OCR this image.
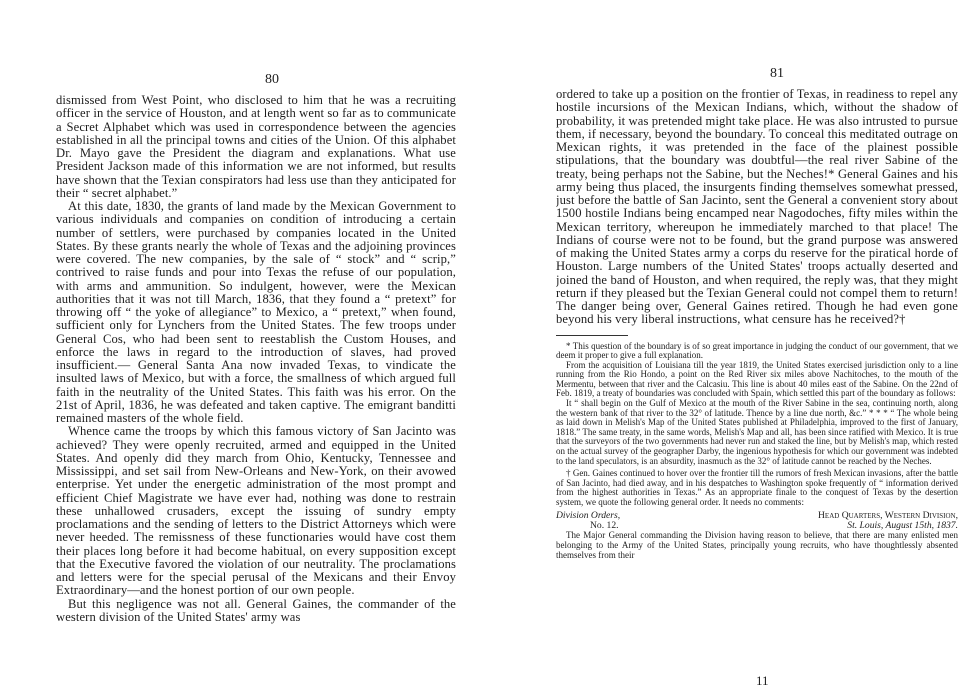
80

dismissed from West Point, who disclosed to him that he was a recruiting officer in the service of Houston, and at length went so far as to communicate a Secret Alphabet which was used in correspondence between the agencies established in all the principal towns and cities of the Union. Of this alphabet Dr. Mayo gave the President the diagram and explanations. What use President Jackson made of this information we are not informed, but results have shown that the Texian conspirators had less use than they anticipated for their “ secret alphabet.”

At this date, 1830, the grants of land made by the Mexican Government to various individuals and companies on condition of introducing a certain number of settlers, were purchased by companies located in the United States. By these grants nearly the whole of Texas and the adjoining provinces were covered. The new companies, by the sale of “ stock” and “ scrip,” contrived to raise funds and pour into Texas the refuse of our population, with arms and ammunition. So indulgent, however, were the Mexican authorities that it was not till March, 1836, that they found a “ pretext” for throwing off “ the yoke of allegiance” to Mexico, a “ pretext,” when found, sufficient only for Lynchers from the United States. The few troops under General Cos, who had been sent to reestablish the Custom Houses, and enforce the laws in regard to the introduction of slaves, had proved insufficient.— General Santa Ana now invaded Texas, to vindicate the insulted laws of Mexico, but with a force, the smallness of which argued full faith in the neutrality of the United States. This faith was his error. On the 21st of April, 1836, he was defeated and taken captive. The emigrant banditti remained masters of the whole field.

Whence came the troops by which this famous victory of San Jacinto was achieved? They were openly recruited, armed and equipped in the United States. And openly did they march from Ohio, Kentucky, Tennessee and Mississippi, and set sail from New-Orleans and New-York, on their avowed enterprise. Yet under the energetic administration of the most prompt and efficient Chief Magistrate we have ever had, nothing was done to restrain these unhallowed crusaders, except the issuing of sundry empty proclamations and the sending of letters to the District Attorneys which were never heeded. The remissness of these functionaries would have cost them their places long before it had become habitual, on every supposition except that the Executive favored the violation of our neutrality. The proclamations and letters were for the special perusal of the Mexicans and their Envoy Extraordinary—and the honest portion of our own people.

But this negligence was not all. General Gaines, the commander of the western division of the United States' army was

81

ordered to take up a position on the frontier of Texas, in readiness to repel any hostile incursions of the Mexican Indians, which, without the shadow of probability, it was pretended might take place. He was also intrusted to pursue them, if necessary, beyond the boundary. To conceal this meditated outrage on Mexican rights, it was pretended in the face of the plainest possible stipulations, that the boundary was doubtful—the real river Sabine of the treaty, being perhaps not the Sabine, but the Neches!* General Gaines and his army being thus placed, the insurgents finding themselves somewhat pressed, just before the battle of San Jacinto, sent the General a convenient story about 1500 hostile Indians being encamped near Nagodoches, fifty miles within the Mexican territory, whereupon he immediately marched to that place! The Indians of course were not to be found, but the grand purpose was answered of making the United States army a corps du reserve for the piratical horde of Houston. Large numbers of the United States' troops actually deserted and joined the band of Houston, and when required, the reply was, that they might return if they pleased but the Texian General could not compel them to return! The danger being over, General Gaines retired. Though he had even gone beyond his very liberal instructions, what censure has he received?†

* This question of the boundary is of so great importance in judging the conduct of our government, that we deem it proper to give a full explanation.

From the acquisition of Louisiana till the year 1819, the United States exercised jurisdiction only to a line running from the Rio Hondo, a point on the Red River six miles above Nachitoches, to the mouth of the Mermentu, between that river and the Calcasiu. This line is about 40 miles east of the Sabine. On the 22nd of Feb. 1819, a treaty of boundaries was concluded with Spain, which settled this part of the boundary as follows:

It “ shall begin on the Gulf of Mexico at the mouth of the River Sabine in the sea, continuing north, along the western bank of that river to the 32° of latitude. Thence by a line due north, &c.” * * * “ The whole being as laid down in Melish's Map of the United States published at Philadelphia, improved to the first of January, 1818.” The same treaty, in the same words, Melish's Map and all, has been since ratified with Mexico. It is true that the surveyors of the two governments had never run and staked the line, but by Melish's map, which rested on the actual survey of the geographer Darby, the ingenious hypothesis for which our government was indebted to the land speculators, is an absurdity, inasmuch as the 32° of latitude cannot be reached by the Neches.

† Gen. Gaines continued to hover over the frontier till the rumors of fresh Mexican invasions, after the battle of San Jacinto, had died away, and in his despatches to Washington spoke frequently of “ information derived from the highest authorities in Texas.” As an appropriate finale to the conquest of Texas by the desertion system, we quote the following general order. It needs no comments:

Division Orders,
No. 12.
Head Quarters, Western Division,
St. Louis, August 15th, 1837.

The Major General commanding the Division having reason to believe, that there are many enlisted men belonging to the Army of the United States, principally young recruits, who have thoughtlessly absented themselves from their

11
